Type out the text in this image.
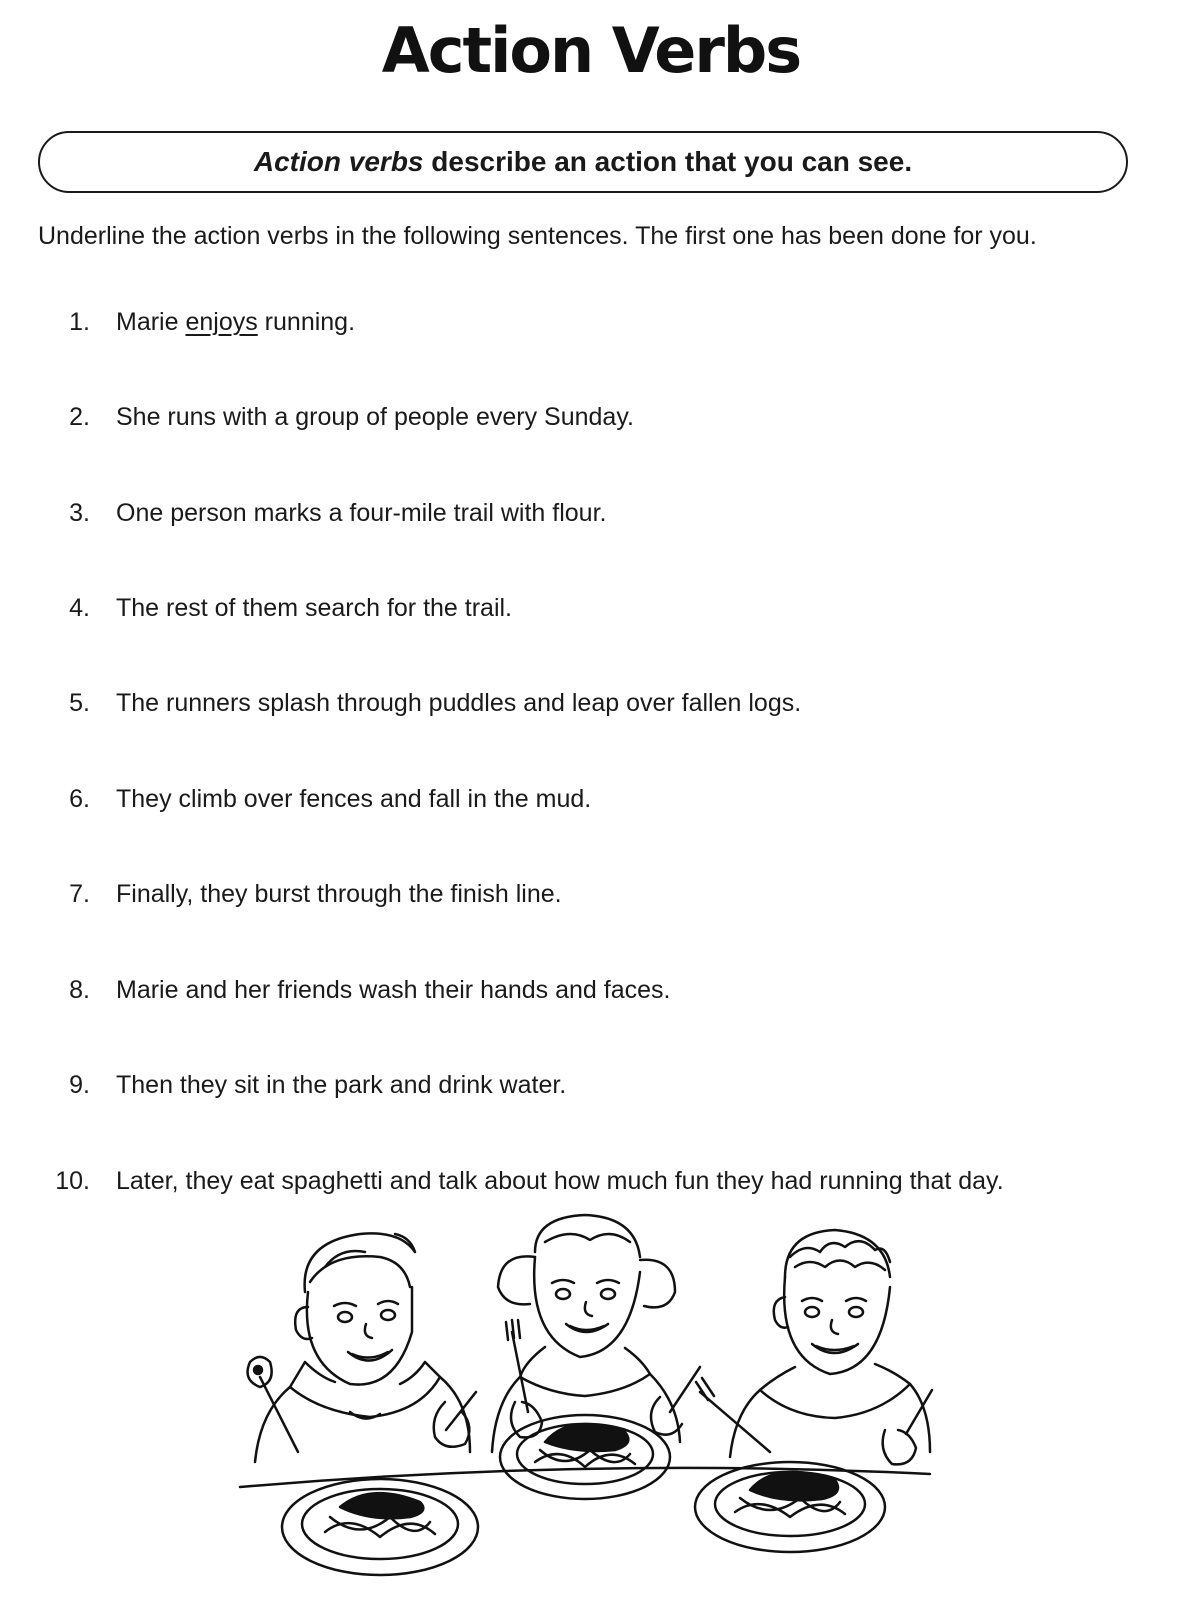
Action Verbs
Action verbs describe an action that you can see.
Underline the action verbs in the following sentences. The first one has been done for you.
1. Marie enjoys running.
2. She runs with a group of people every Sunday.
3. One person marks a four-mile trail with flour.
4. The rest of them search for the trail.
5. The runners splash through puddles and leap over fallen logs.
6. They climb over fences and fall in the mud.
7. Finally, they burst through the finish line.
8. Marie and her friends wash their hands and faces.
9. Then they sit in the park and drink water.
10. Later, they eat spaghetti and talk about how much fun they had running that day.
